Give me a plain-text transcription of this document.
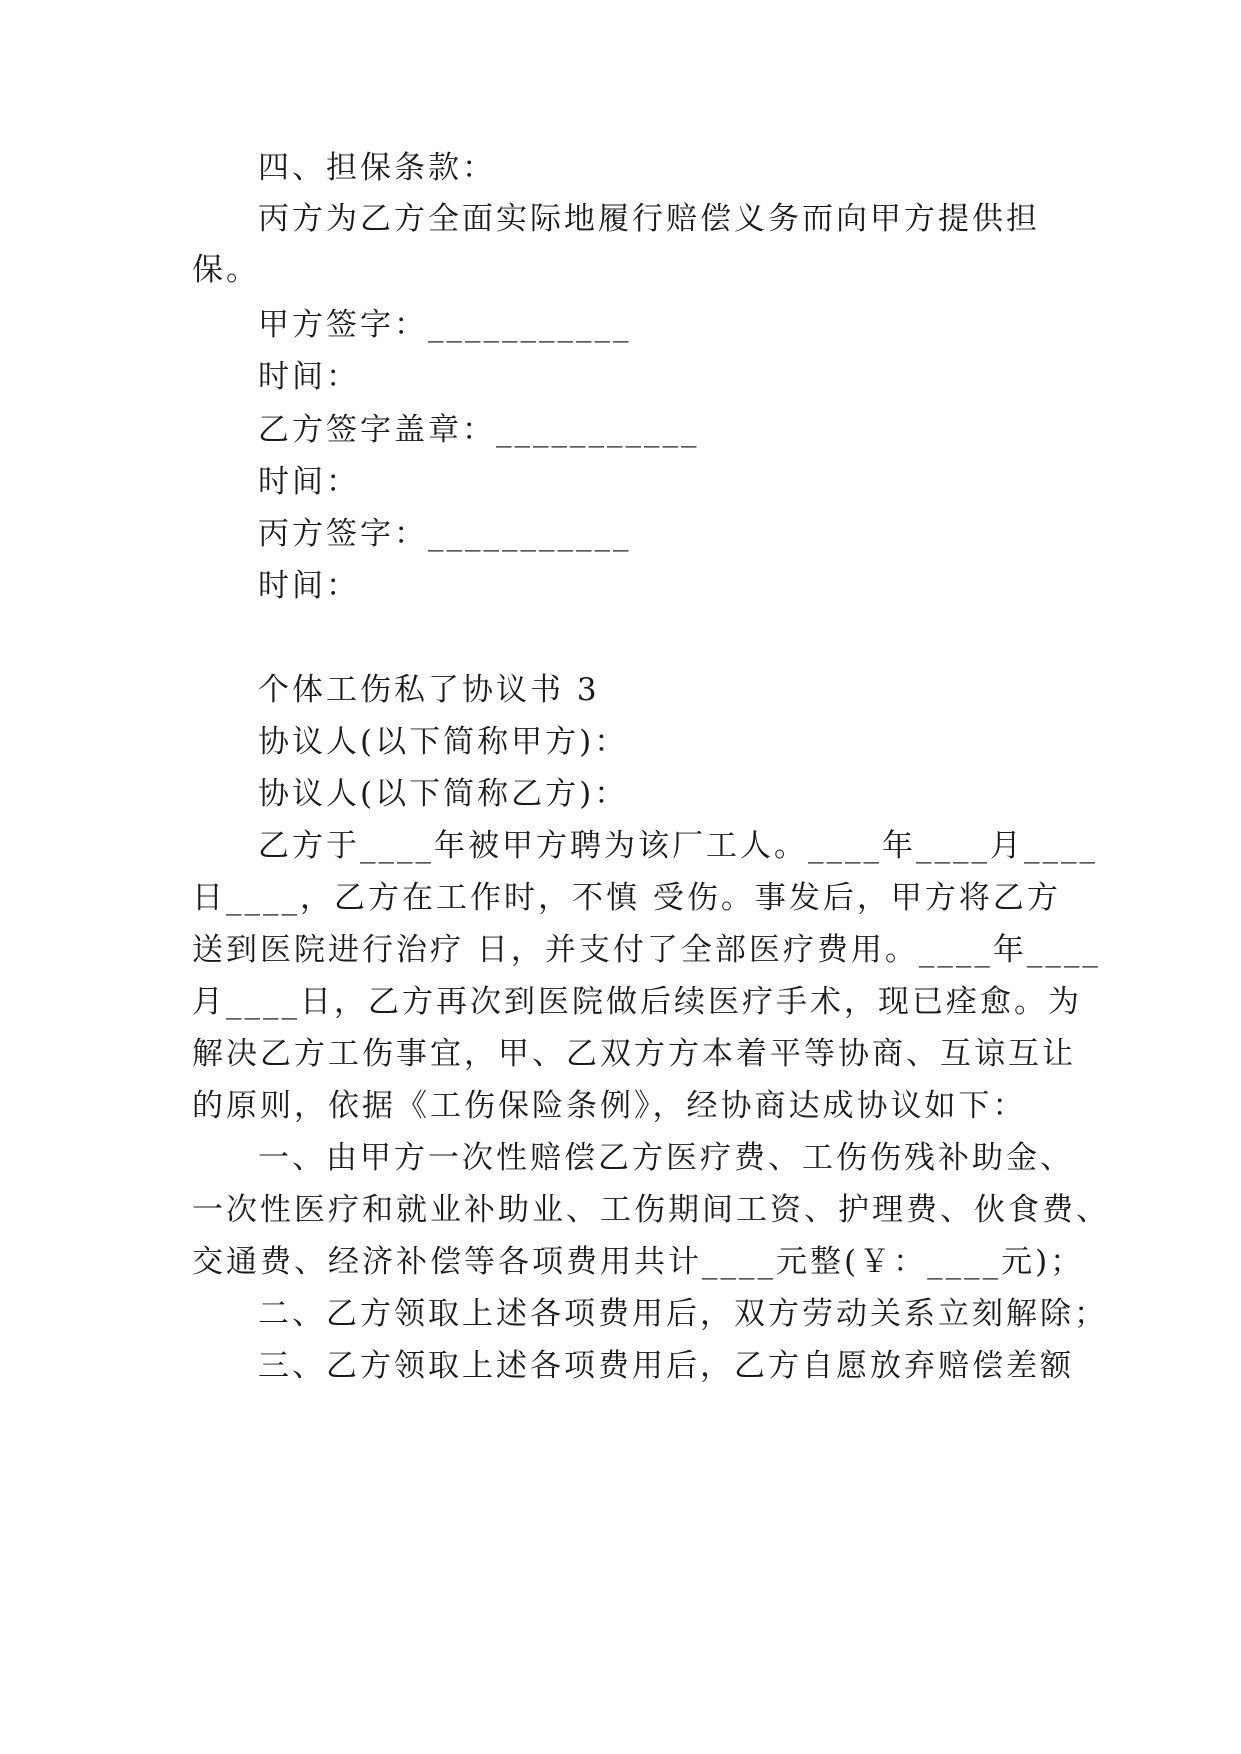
四、担保条款：
丙方为乙方全面实际地履行赔偿义务而向甲方提供担
保。
甲方签字：___________
时间：
乙方签字盖章：___________
时间：
丙方签字：___________
时间：
个体工伤私了协议书 3
协议人(以下简称甲方)：
协议人(以下简称乙方)：
乙方于____年被甲方聘为该厂工人。____年____月____
日____，乙方在工作时，不慎 受伤。事发后，甲方将乙方
送到医院进行治疗 日，并支付了全部医疗费用。____年____
月____日，乙方再次到医院做后续医疗手术，现已痊愈。为
解决乙方工伤事宜，甲、乙双方方本着平等协商、互谅互让
的原则，依据《工伤保险条例》，经协商达成协议如下：
一、由甲方一次性赔偿乙方医疗费、工伤伤残补助金、
一次性医疗和就业补助业、工伤期间工资、护理费、伙食费、
交通费、经济补偿等各项费用共计____元整(￥：____元)；
二、乙方领取上述各项费用后，双方劳动关系立刻解除；
三、乙方领取上述各项费用后，乙方自愿放弃赔偿差额
